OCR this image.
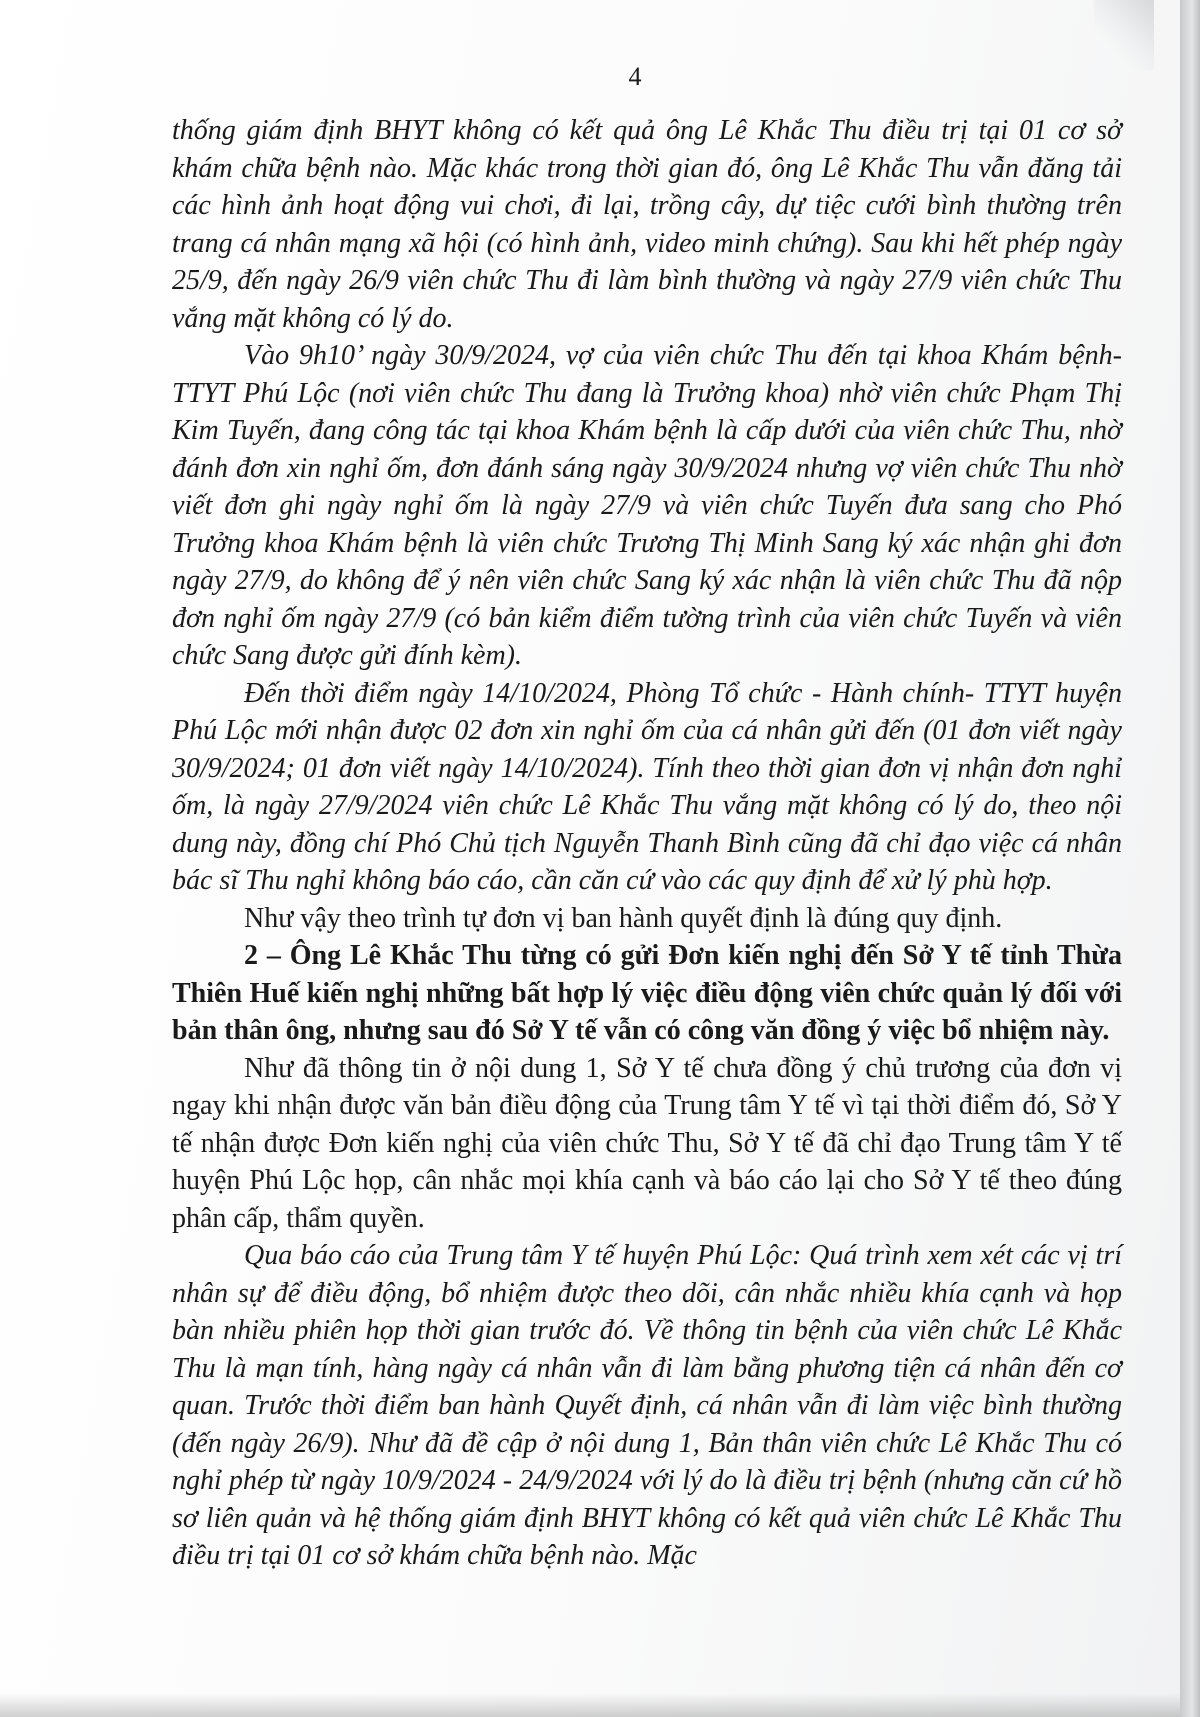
4

thống giám định BHYT không có kết quả ông Lê Khắc Thu điều trị tại 01 cơ sở khám chữa bệnh nào. Mặc khác trong thời gian đó, ông Lê Khắc Thu vẫn đăng tải các hình ảnh hoạt động vui chơi, đi lại, trồng cây, dự tiệc cưới bình thường trên trang cá nhân mạng xã hội (có hình ảnh, video minh chứng). Sau khi hết phép ngày 25/9, đến ngày 26/9 viên chức Thu đi làm bình thường và ngày 27/9 viên chức Thu vắng mặt không có lý do.

Vào 9h10’ ngày 30/9/2024, vợ của viên chức Thu đến tại khoa Khám bệnh- TTYT Phú Lộc (nơi viên chức Thu đang là Trưởng khoa) nhờ viên chức Phạm Thị Kim Tuyến, đang công tác tại khoa Khám bệnh là cấp dưới của viên chức Thu, nhờ đánh đơn xin nghỉ ốm, đơn đánh sáng ngày 30/9/2024 nhưng vợ viên chức Thu nhờ viết đơn ghi ngày nghỉ ốm là ngày 27/9 và viên chức Tuyến đưa sang cho Phó Trưởng khoa Khám bệnh là viên chức Trương Thị Minh Sang ký xác nhận ghi đơn ngày 27/9, do không để ý nên viên chức Sang ký xác nhận là viên chức Thu đã nộp đơn nghỉ ốm ngày 27/9 (có bản kiểm điểm tường trình của viên chức Tuyến và viên chức Sang được gửi đính kèm).

Đến thời điểm ngày 14/10/2024, Phòng Tổ chức - Hành chính- TTYT huyện Phú Lộc mới nhận được 02 đơn xin nghỉ ốm của cá nhân gửi đến (01 đơn viết ngày 30/9/2024; 01 đơn viết ngày 14/10/2024). Tính theo thời gian đơn vị nhận đơn nghỉ ốm, là ngày 27/9/2024 viên chức Lê Khắc Thu vắng mặt không có lý do, theo nội dung này, đồng chí Phó Chủ tịch Nguyễn Thanh Bình cũng đã chỉ đạo việc cá nhân bác sĩ Thu nghỉ không báo cáo, cần căn cứ vào các quy định để xử lý phù hợp.

Như vậy theo trình tự đơn vị ban hành quyết định là đúng quy định.

2 – Ông Lê Khắc Thu từng có gửi Đơn kiến nghị đến Sở Y tế tỉnh Thừa Thiên Huế kiến nghị những bất hợp lý việc điều động viên chức quản lý đối với bản thân ông, nhưng sau đó Sở Y tế vẫn có công văn đồng ý việc bổ nhiệm này.

Như đã thông tin ở nội dung 1, Sở Y tế chưa đồng ý chủ trương của đơn vị ngay khi nhận được văn bản điều động của Trung tâm Y tế vì tại thời điểm đó, Sở Y tế nhận được Đơn kiến nghị của viên chức Thu, Sở Y tế đã chỉ đạo Trung tâm Y tế huyện Phú Lộc họp, cân nhắc mọi khía cạnh và báo cáo lại cho Sở Y tế theo đúng phân cấp, thẩm quyền.

Qua báo cáo của Trung tâm Y tế huyện Phú Lộc: Quá trình xem xét các vị trí nhân sự để điều động, bổ nhiệm được theo dõi, cân nhắc nhiều khía cạnh và họp bàn nhiều phiên họp thời gian trước đó. Về thông tin bệnh của viên chức Lê Khắc Thu là mạn tính, hàng ngày cá nhân vẫn đi làm bằng phương tiện cá nhân đến cơ quan. Trước thời điểm ban hành Quyết định, cá nhân vẫn đi làm việc bình thường (đến ngày 26/9). Như đã đề cập ở nội dung 1, Bản thân viên chức Lê Khắc Thu có nghỉ phép từ ngày 10/9/2024 - 24/9/2024 với lý do là điều trị bệnh (nhưng căn cứ hồ sơ liên quản và hệ thống giám định BHYT không có kết quả viên chức Lê Khắc Thu điều trị tại 01 cơ sở khám chữa bệnh nào. Mặc
